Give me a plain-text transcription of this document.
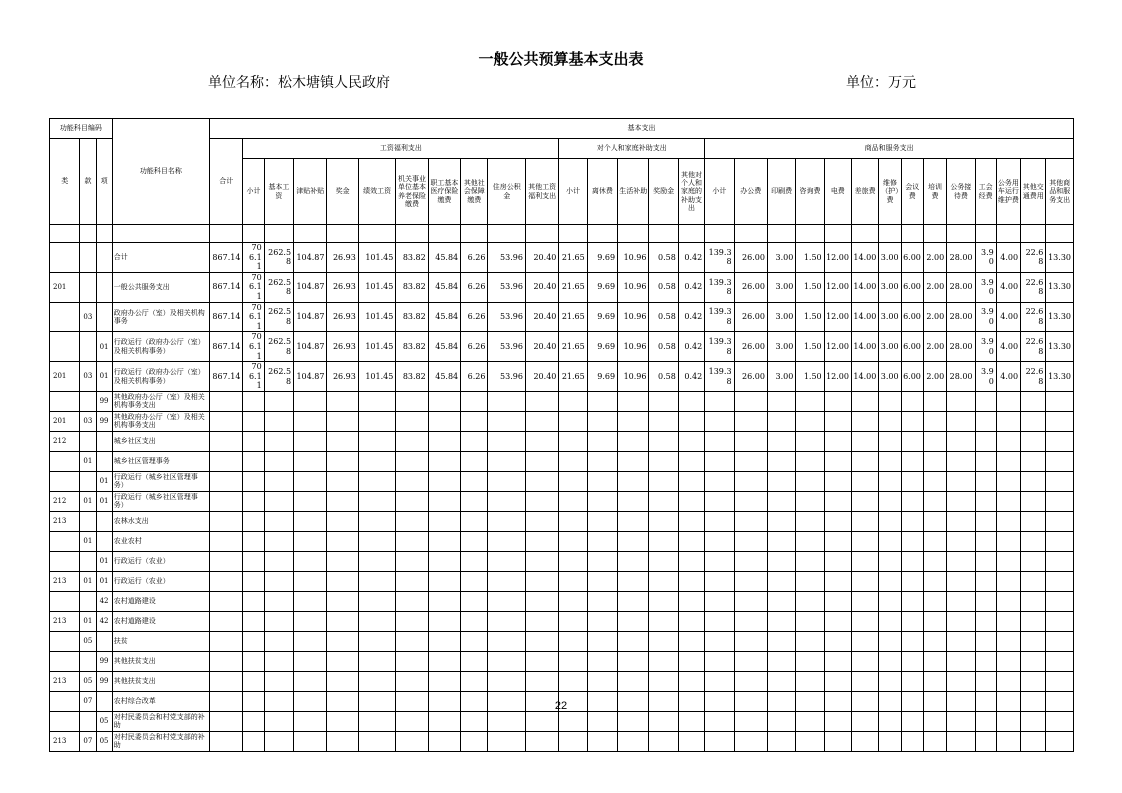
一般公共预算基本支出表
单位名称：松木塘镇人民政府	单位：万元
功能科目编码			功能科目名称	基本支出																													
类	款	项		合计	工资福利支出										对个人和家庭补助支出					商品和服务支出													
					小计	基本工资	津贴补贴	奖金	绩效工资	机关事业单位基本养老保险缴费	职工基本医疗保险缴费	其他社会保障缴费	住房公积金	其他工资福利支出	小计	离休费	生活补助	奖励金	其他对个人和家庭的补助支出	小计	办公费	印刷费	咨询费	电费	差旅费	维修（护）费	会议费	培训费	公务接待费	工会经费	公务用车运行维护费	其他交通费用	其他商品和服务支出

			合计	867.14	706.11	262.58	104.87	26.93	101.45	83.82	45.84	6.26	53.96	20.40	21.65	9.69	10.96	0.58	0.42	139.38	26.00	3.00	1.50	12.00	14.00	3.00	6.00	2.00	28.00	3.90	4.00	22.68	13.30
201			一般公共服务支出	867.14	706.11	262.58	104.87	26.93	101.45	83.82	45.84	6.26	53.96	20.40	21.65	9.69	10.96	0.58	0.42	139.38	26.00	3.00	1.50	12.00	14.00	3.00	6.00	2.00	28.00	3.90	4.00	22.68	13.30
	03		政府办公厅（室）及相关机构事务	867.14	706.11	262.58	104.87	26.93	101.45	83.82	45.84	6.26	53.96	20.40	21.65	9.69	10.96	0.58	0.42	139.38	26.00	3.00	1.50	12.00	14.00	3.00	6.00	2.00	28.00	3.90	4.00	22.68	13.30
		01	行政运行（政府办公厅（室）及相关机构事务）	867.14	706.11	262.58	104.87	26.93	101.45	83.82	45.84	6.26	53.96	20.40	21.65	9.69	10.96	0.58	0.42	139.38	26.00	3.00	1.50	12.00	14.00	3.00	6.00	2.00	28.00	3.90	4.00	22.68	13.30
201	03	01	行政运行（政府办公厅（室）及相关机构事务）	867.14	706.11	262.58	104.87	26.93	101.45	83.82	45.84	6.26	53.96	20.40	21.65	9.69	10.96	0.58	0.42	139.38	26.00	3.00	1.50	12.00	14.00	3.00	6.00	2.00	28.00	3.90	4.00	22.68	13.30
		99	其他政府办公厅（室）及相关机构事务支出																														
201	03	99	其他政府办公厅（室）及相关机构事务支出																														
212			城乡社区支出																														
	01		城乡社区管理事务																														
		01	行政运行（城乡社区管理事务）																														
212	01	01	行政运行（城乡社区管理事务）																														
213			农林水支出																														
	01		农业农村																														
		01	行政运行（农业）																														
213	01	01	行政运行（农业）																														
		42	农村道路建设																														
213	01	42	农村道路建设																														
	05		扶贫																														
		99	其他扶贫支出																														
213	05	99	其他扶贫支出																														
	07		农村综合改革																														
		05	对村民委员会和村党支部的补助																														
213	07	05	对村民委员会和村党支部的补助																														
22
